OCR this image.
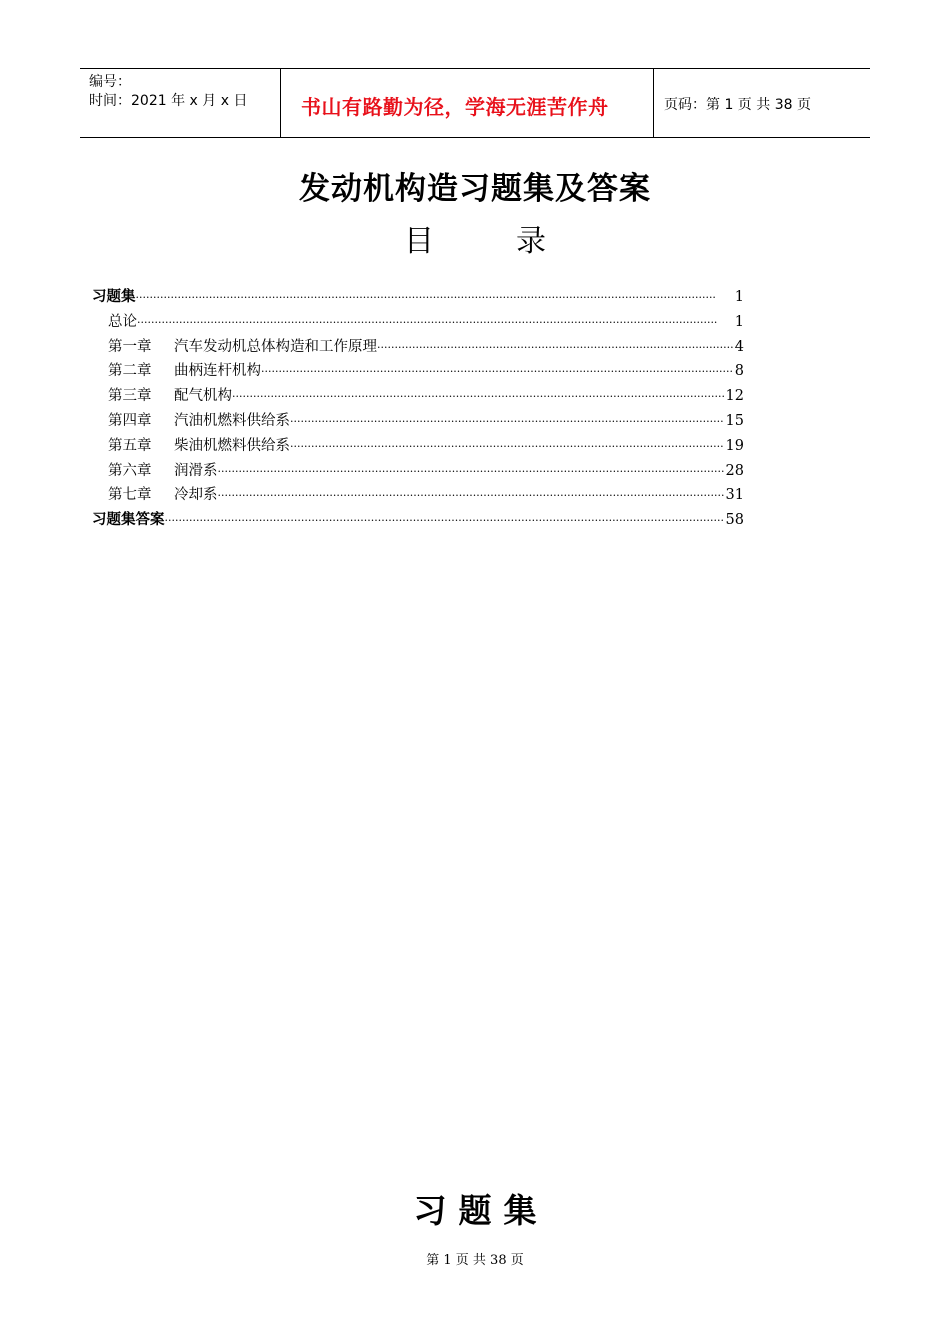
编号：
时间：2021 年 x 月 x 日	书山有路勤为径，学海无涯苦作舟	页码：第 1 页 共 38 页
发动机构造习题集及答案
目	录
习题集 ·····	1
总论 ·····	1
第一章	汽车发动机总体构造和工作原理 ·····	4
第二章	曲柄连杆机构 ·····	8
第三章	配气机构 ·····	12
第四章	汽油机燃料供给系 ·····	15
第五章	柴油机燃料供给系 ·····	19
第六章	润滑系 ·····	28
第七章	冷却系 ·····	31
习题集答案 ·····	58
习 题 集
第 1 页 共 38 页
